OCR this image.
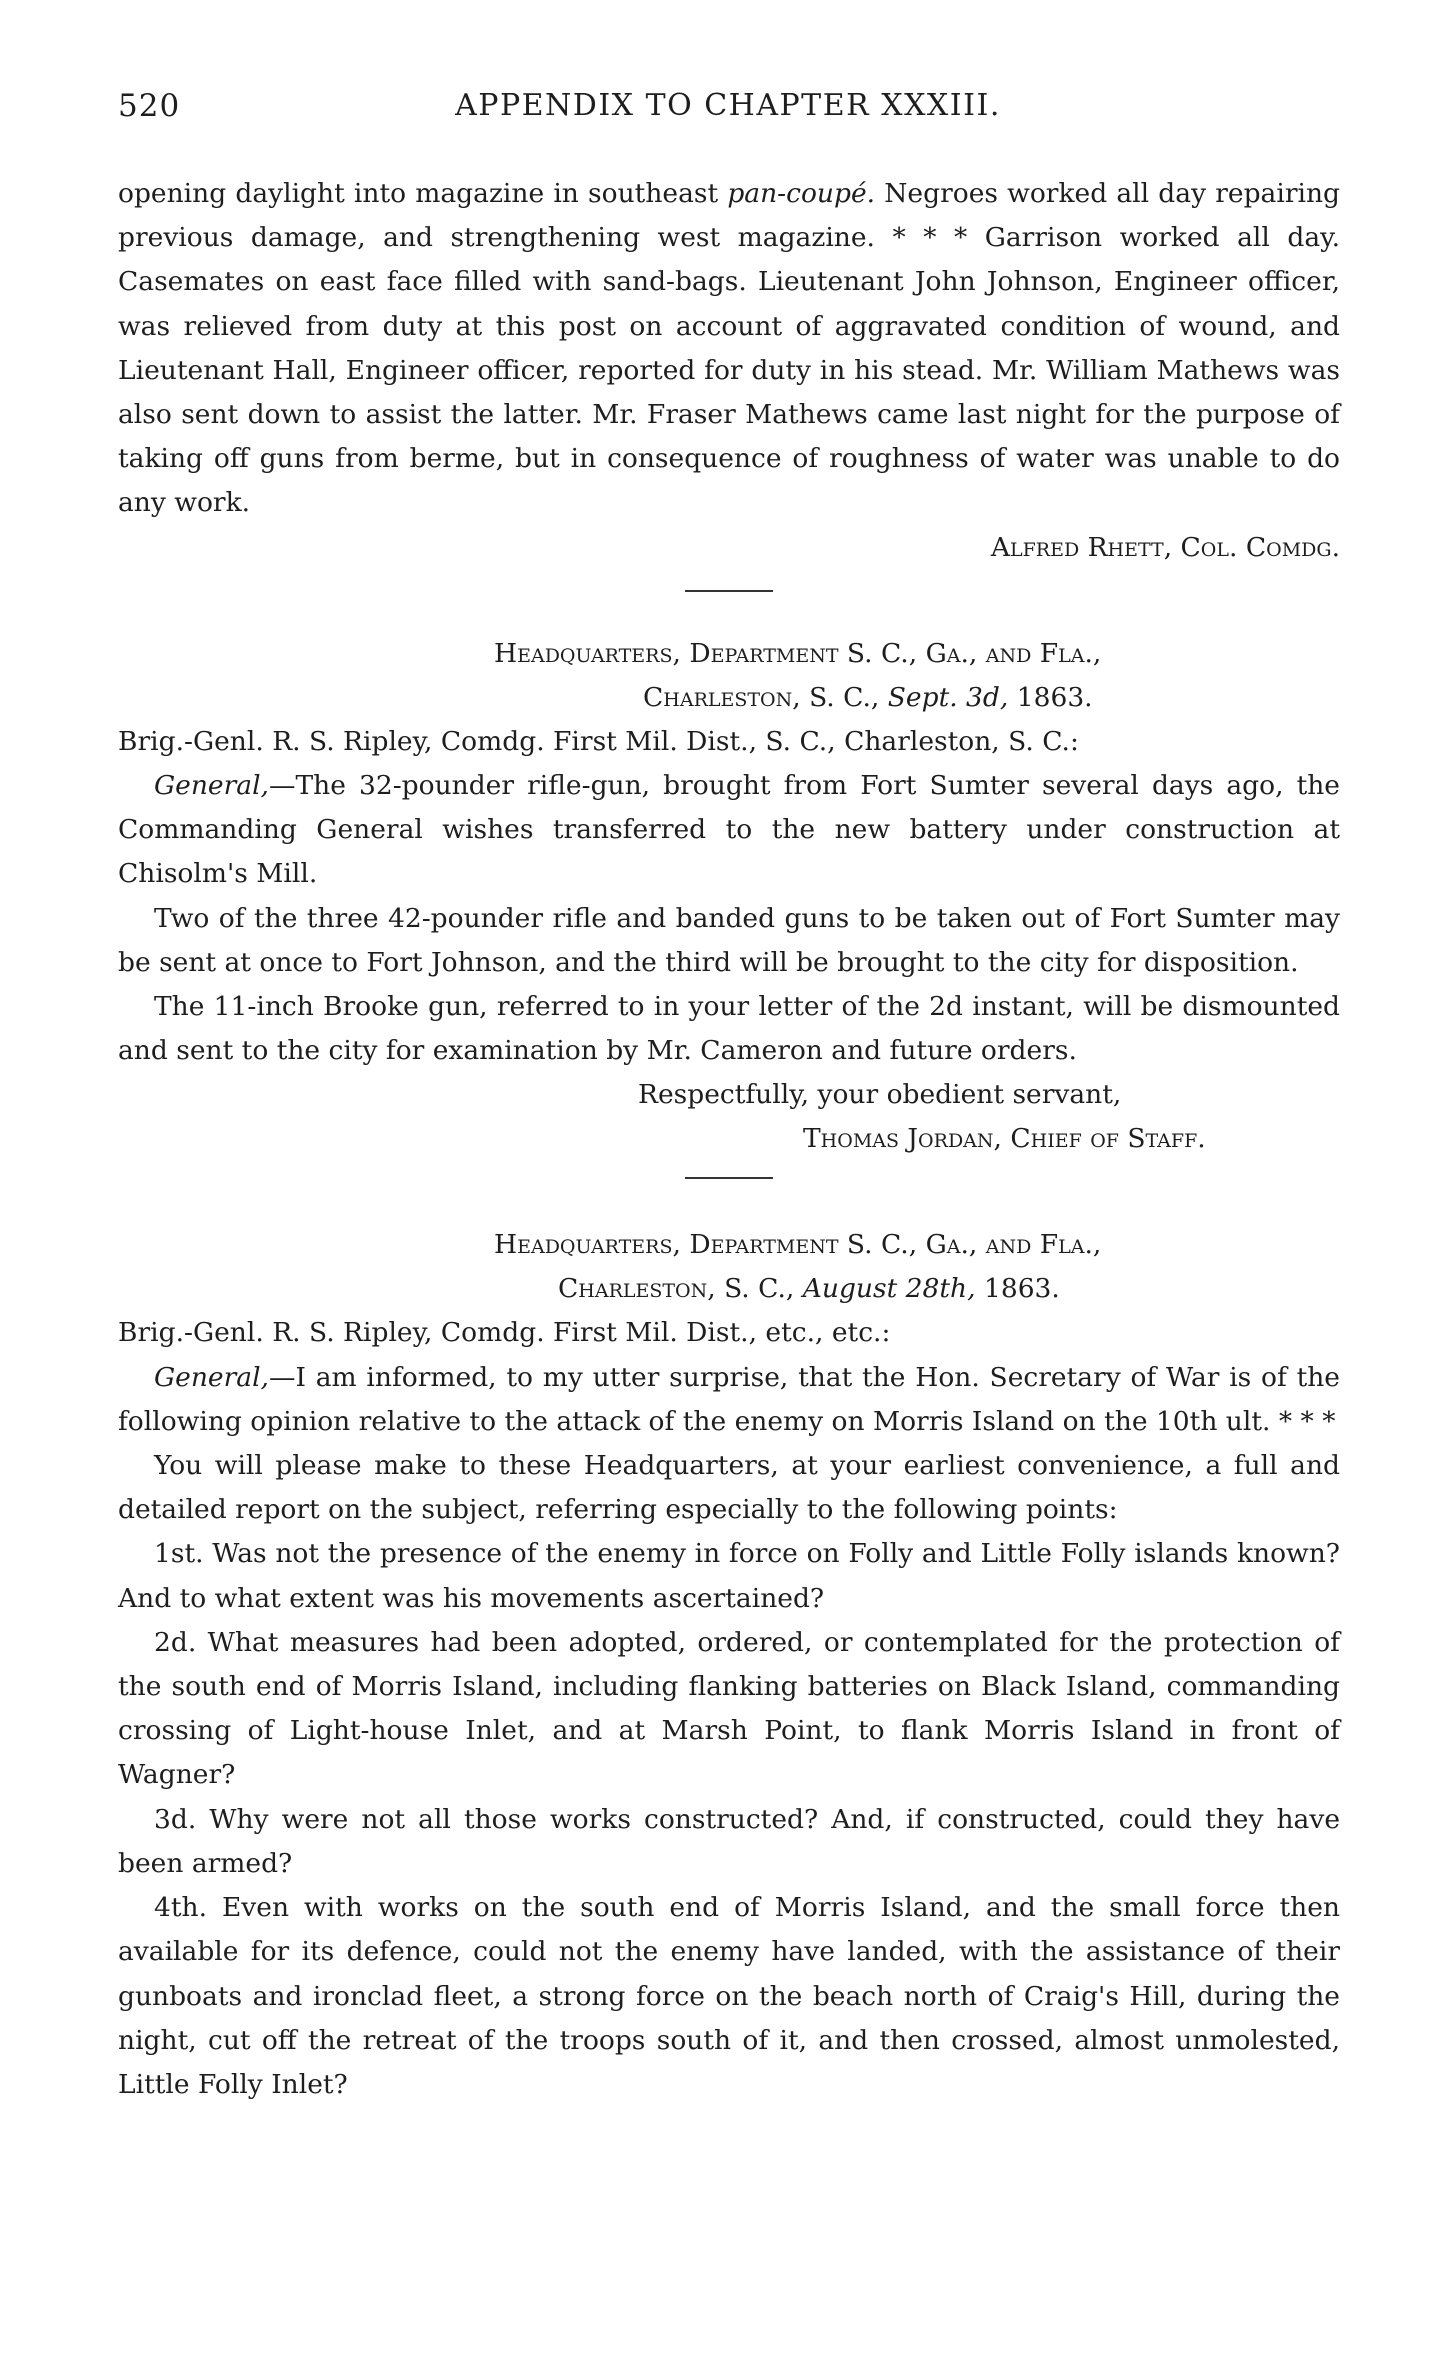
520	APPENDIX TO CHAPTER XXXIII.

opening daylight into magazine in southeast pan-coupé. Negroes worked all day repairing previous damage, and strengthening west magazine. * * * Garrison worked all day. Casemates on east face filled with sand-bags. Lieutenant John Johnson, Engineer officer, was relieved from duty at this post on account of aggravated condition of wound, and Lieutenant Hall, Engineer officer, reported for duty in his stead. Mr. William Mathews was also sent down to assist the latter. Mr. Fraser Mathews came last night for the purpose of taking off guns from berme, but in consequence of roughness of water was unable to do any work.

Alfred Rhett, Col. Comdg.

Headquarters, Department S. C., Ga., and Fla.,
Charleston, S. C., Sept. 3d, 1863.

Brig.-Genl. R. S. Ripley, Comdg. First Mil. Dist., S. C., Charleston, S. C.:

General,—The 32-pounder rifle-gun, brought from Fort Sumter several days ago, the Commanding General wishes transferred to the new battery under construction at Chisolm's Mill.

Two of the three 42-pounder rifle and banded guns to be taken out of Fort Sumter may be sent at once to Fort Johnson, and the third will be brought to the city for disposition.

The 11-inch Brooke gun, referred to in your letter of the 2d instant, will be dismounted and sent to the city for examination by Mr. Cameron and future orders.

Respectfully, your obedient servant,
Thomas Jordan, Chief of Staff.
Headquarters, Department S. C., Ga., and Fla.,
Charleston, S. C., August 28th, 1863.

Brig.-Genl. R. S. Ripley, Comdg. First Mil. Dist., etc., etc.:

General,—I am informed, to my utter surprise, that the Hon. Secretary of War is of the following opinion relative to the attack of the enemy on Morris Island on the 10th ult. * * *

You will please make to these Headquarters, at your earliest convenience, a full and detailed report on the subject, referring especially to the following points:

1st. Was not the presence of the enemy in force on Folly and Little Folly islands known? And to what extent was his movements ascertained?

2d. What measures had been adopted, ordered, or contemplated for the protection of the south end of Morris Island, including flanking batteries on Black Island, commanding crossing of Light-house Inlet, and at Marsh Point, to flank Morris Island in front of Wagner?

3d. Why were not all those works constructed? And, if constructed, could they have been armed?

4th. Even with works on the south end of Morris Island, and the small force then available for its defence, could not the enemy have landed, with the assistance of their gunboats and ironclad fleet, a strong force on the beach north of Craig's Hill, during the night, cut off the retreat of the troops south of it, and then crossed, almost unmolested, Little Folly Inlet?
